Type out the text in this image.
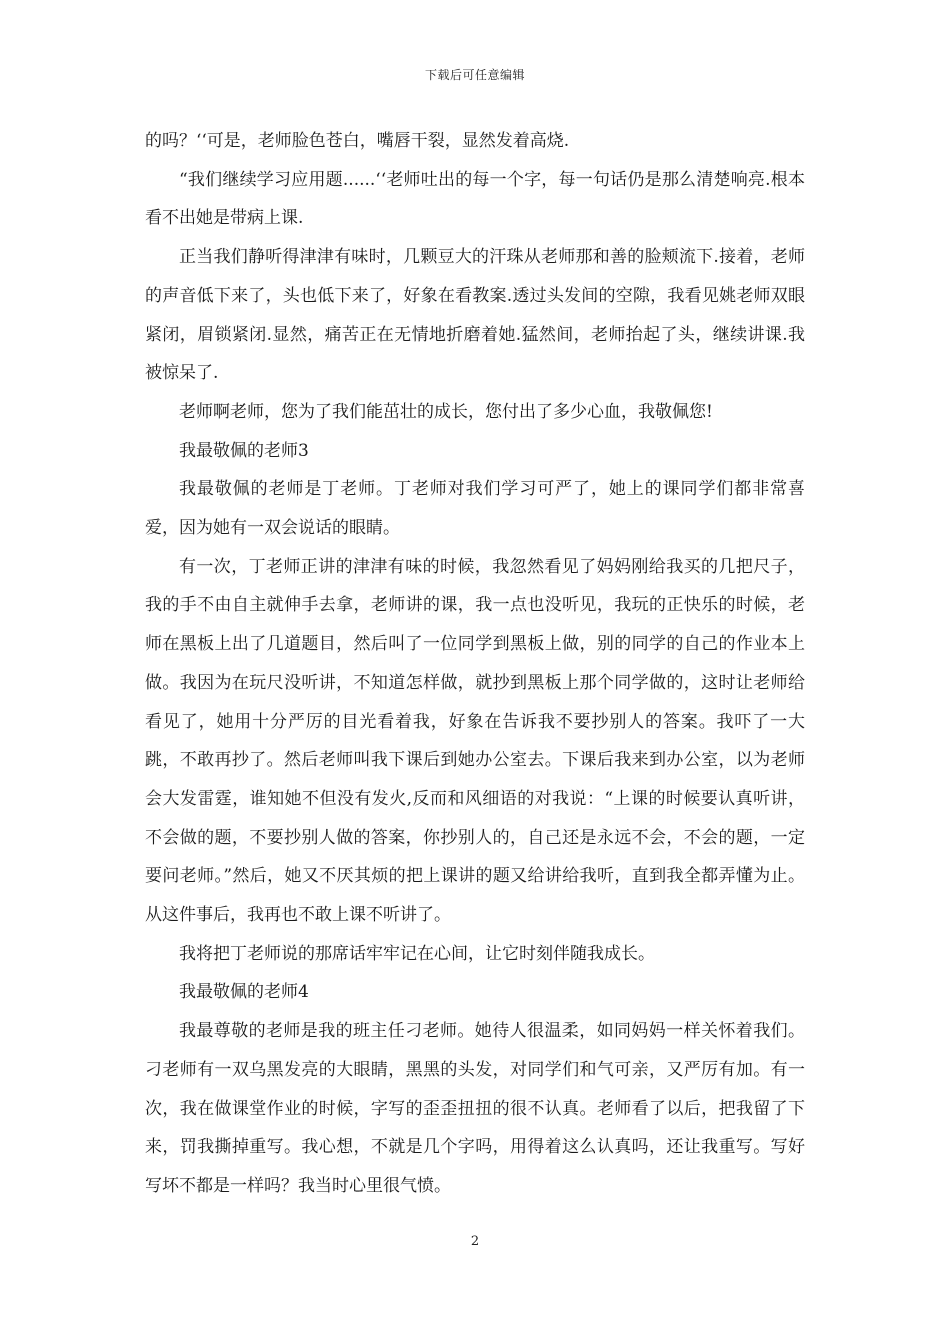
下载后可任意编辑

的吗？‘‘可是，老师脸色苍白，嘴唇干裂，显然发着高烧.

“我们继续学习应用题......‘‘老师吐出的每一个字，每一句话仍是那么清楚响亮.根本看不出她是带病上课.

正当我们静听得津津有味时，几颗豆大的汗珠从老师那和善的脸颊流下.接着，老师的声音低下来了，头也低下来了，好象在看教案.透过头发间的空隙，我看见姚老师双眼紧闭，眉锁紧闭.显然，痛苦正在无情地折磨着她.猛然间，老师抬起了头，继续讲课.我被惊呆了.

老师啊老师，您为了我们能茁壮的成长，您付出了多少心血，我敬佩您!

我最敬佩的老师3

我最敬佩的老师是丁老师。丁老师对我们学习可严了，她上的课同学们都非常喜爱，因为她有一双会说话的眼睛。

有一次，丁老师正讲的津津有味的时候，我忽然看见了妈妈刚给我买的几把尺子，我的手不由自主就伸手去拿，老师讲的课，我一点也没听见，我玩的正快乐的时候，老师在黑板上出了几道题目，然后叫了一位同学到黑板上做，别的同学的自己的作业本上做。我因为在玩尺没听讲，不知道怎样做，就抄到黑板上那个同学做的，这时让老师给看见了，她用十分严厉的目光看着我，好象在告诉我不要抄别人的答案。我吓了一大跳，不敢再抄了。然后老师叫我下课后到她办公室去。下课后我来到办公室，以为老师会大发雷霆，谁知她不但没有发火,反而和风细语的对我说：“上课的时候要认真听讲，不会做的题，不要抄别人做的答案，你抄别人的，自己还是永远不会，不会的题，一定要问老师。”然后，她又不厌其烦的把上课讲的题又给讲给我听，直到我全都弄懂为止。从这件事后，我再也不敢上课不听讲了。

我将把丁老师说的那席话牢牢记在心间，让它时刻伴随我成长。

我最敬佩的老师4

我最尊敬的老师是我的班主任刁老师。她待人很温柔，如同妈妈一样关怀着我们。刁老师有一双乌黑发亮的大眼睛，黑黑的头发，对同学们和气可亲，又严厉有加。有一次，我在做课堂作业的时候，字写的歪歪扭扭的很不认真。老师看了以后，把我留了下来，罚我撕掉重写。我心想，不就是几个字吗，用得着这么认真吗，还让我重写。写好写坏不都是一样吗？我当时心里很气愤。

2
